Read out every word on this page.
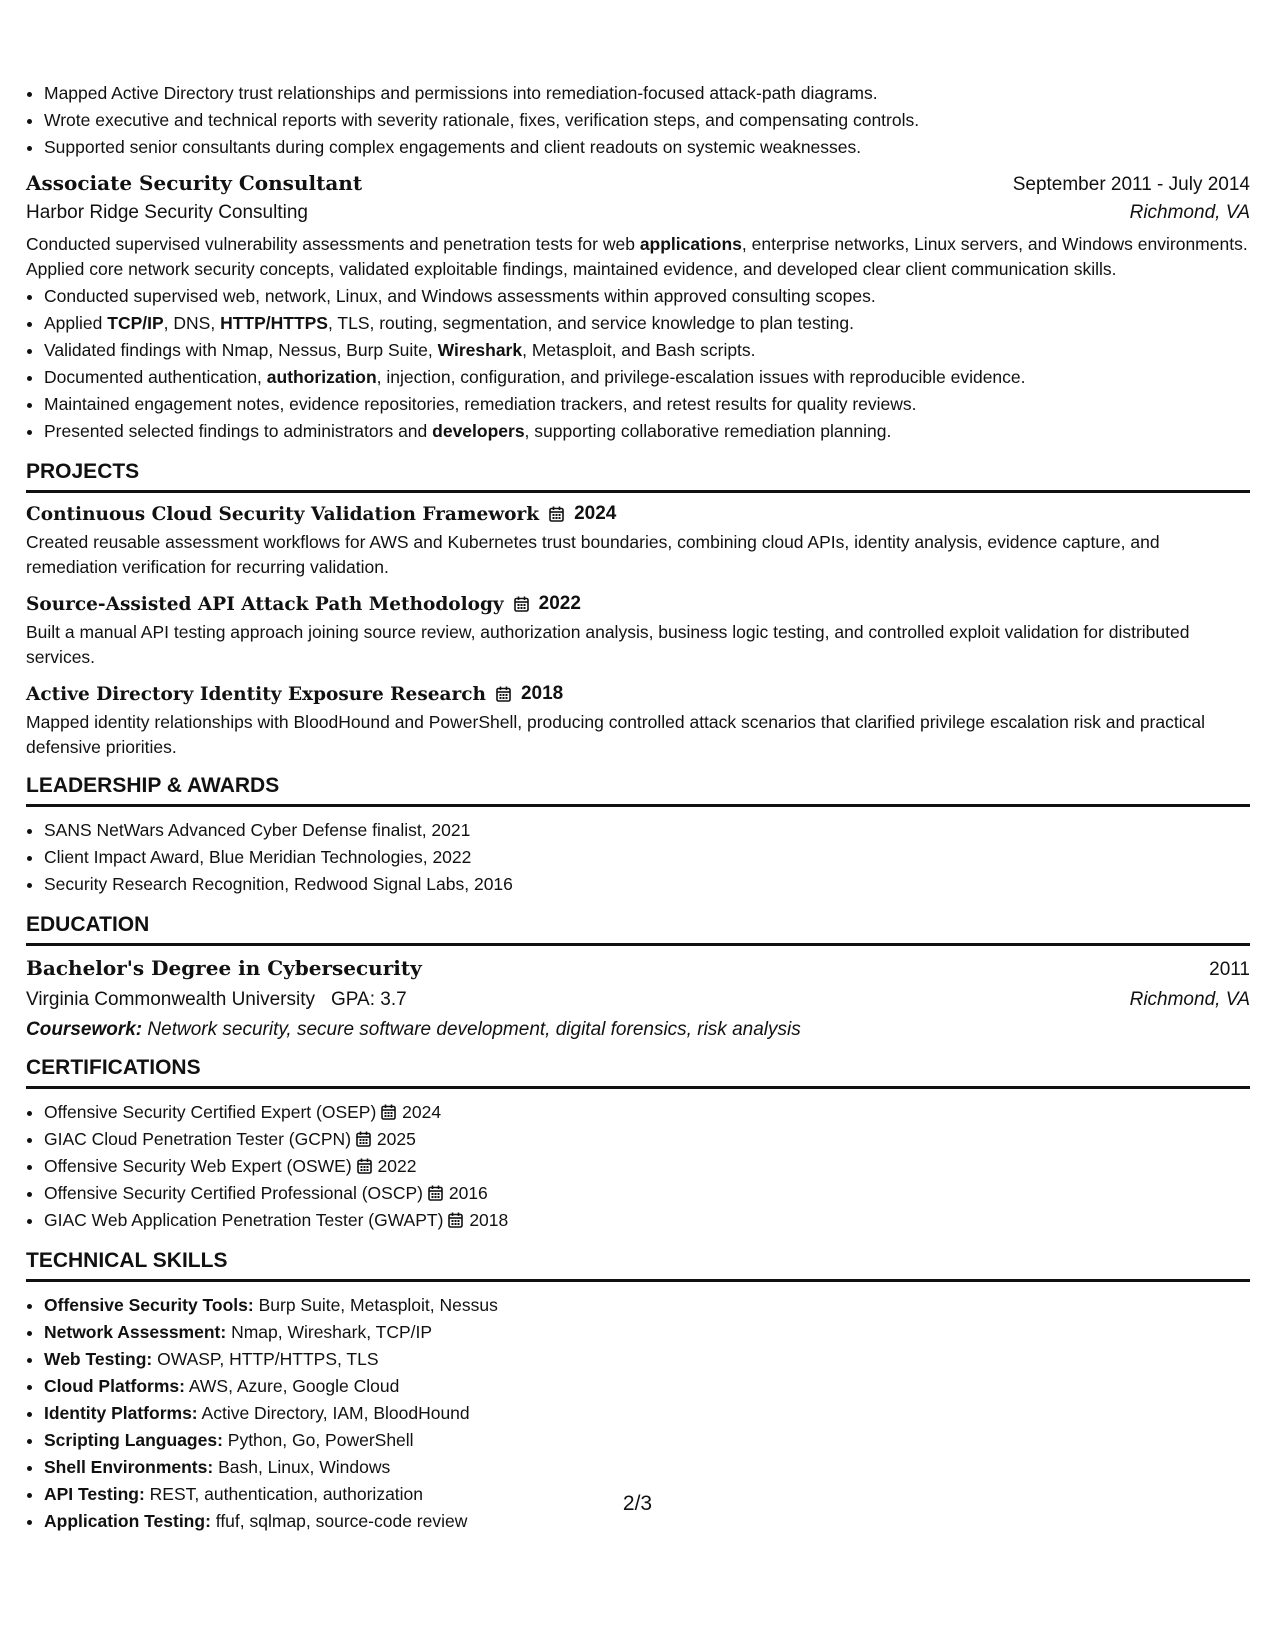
• Mapped Active Directory trust relationships and permissions into remediation-focused attack-path diagrams.
• Wrote executive and technical reports with severity rationale, fixes, verification steps, and compensating controls.
• Supported senior consultants during complex engagements and client readouts on systemic weaknesses.
Associate Security Consultant	September 2011 - July 2014
Harbor Ridge Security Consulting	Richmond, VA
Conducted supervised vulnerability assessments and penetration tests for web applications, enterprise networks, Linux servers, and Windows environments. Applied core network security concepts, validated exploitable findings, maintained evidence, and developed clear client communication skills.
• Conducted supervised web, network, Linux, and Windows assessments within approved consulting scopes.
• Applied TCP/IP, DNS, HTTP/HTTPS, TLS, routing, segmentation, and service knowledge to plan testing.
• Validated findings with Nmap, Nessus, Burp Suite, Wireshark, Metasploit, and Bash scripts.
• Documented authentication, authorization, injection, configuration, and privilege-escalation issues with reproducible evidence.
• Maintained engagement notes, evidence repositories, remediation trackers, and retest results for quality reviews.
• Presented selected findings to administrators and developers, supporting collaborative remediation planning.
PROJECTS
Continuous Cloud Security Validation Framework 2024
Created reusable assessment workflows for AWS and Kubernetes trust boundaries, combining cloud APIs, identity analysis, evidence capture, and remediation verification for recurring validation.
Source-Assisted API Attack Path Methodology 2022
Built a manual API testing approach joining source review, authorization analysis, business logic testing, and controlled exploit validation for distributed services.
Active Directory Identity Exposure Research 2018
Mapped identity relationships with BloodHound and PowerShell, producing controlled attack scenarios that clarified privilege escalation risk and practical defensive priorities.
LEADERSHIP & AWARDS
• SANS NetWars Advanced Cyber Defense finalist, 2021
• Client Impact Award, Blue Meridian Technologies, 2022
• Security Research Recognition, Redwood Signal Labs, 2016
EDUCATION
Bachelor's Degree in Cybersecurity	2011
Virginia Commonwealth University GPA: 3.7	Richmond, VA
Coursework: Network security, secure software development, digital forensics, risk analysis
CERTIFICATIONS
• Offensive Security Certified Expert (OSEP) 2024
• GIAC Cloud Penetration Tester (GCPN) 2025
• Offensive Security Web Expert (OSWE) 2022
• Offensive Security Certified Professional (OSCP) 2016
• GIAC Web Application Penetration Tester (GWAPT) 2018
TECHNICAL SKILLS
• Offensive Security Tools: Burp Suite, Metasploit, Nessus
• Network Assessment: Nmap, Wireshark, TCP/IP
• Web Testing: OWASP, HTTP/HTTPS, TLS
• Cloud Platforms: AWS, Azure, Google Cloud
• Identity Platforms: Active Directory, IAM, BloodHound
• Scripting Languages: Python, Go, PowerShell
• Shell Environments: Bash, Linux, Windows
• API Testing: REST, authentication, authorization
• Application Testing: ffuf, sqlmap, source-code review
2/3
